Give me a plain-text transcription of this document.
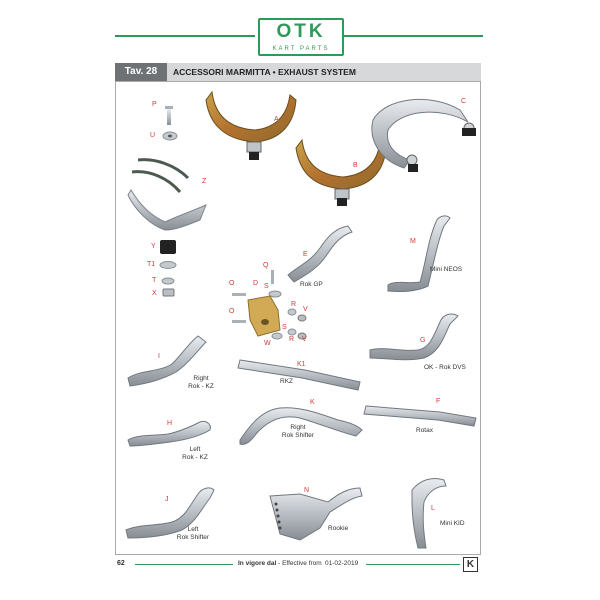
OTK
KART PARTS
Tav. 28	ACCESSORI MARMITTA • EXHAUST SYSTEM
P
U
Z
A
B
C
Y
T1
T
X
Q
E
O	D S
O
R
V
S
R V
W
M
I
K1
G
H
K	F
J
N
L
Rok GP
Mini NEOS
Right
Rok - KZ
RKZ
OK - Rok DVS
Left
Rok - KZ
Right
Rok Shifter
Rotax
Left
Rok Shifter
Rookie
Mini KID
62	In vigore dal - Effective from 01-02-2019	K
